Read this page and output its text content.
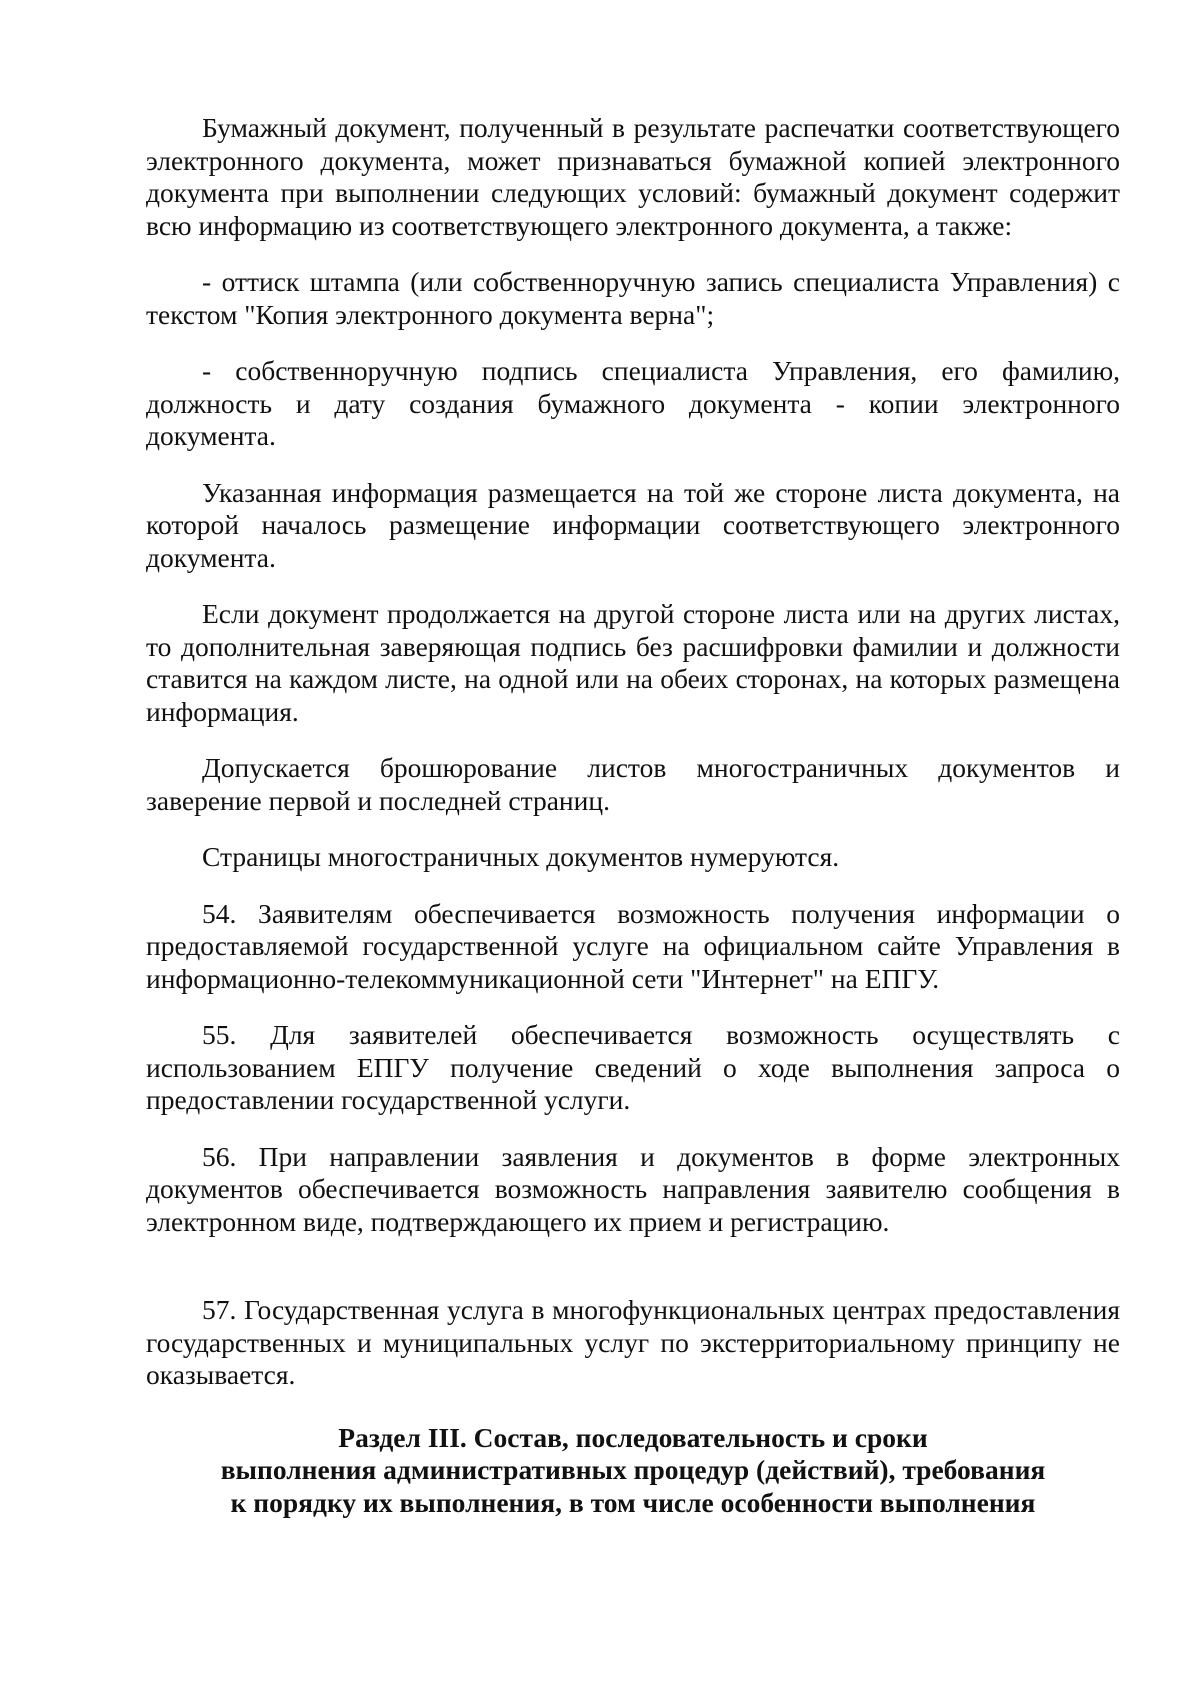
Бумажный документ, полученный в результате распечатки соответствующего электронного документа, может признаваться бумажной копией электронного документа при выполнении следующих условий: бумажный документ содержит всю информацию из соответствующего электронного документа, а также:

- оттиск штампа (или собственноручную запись специалиста Управления) с текстом "Копия электронного документа верна";

- собственноручную подпись специалиста Управления, его фамилию, должность и дату создания бумажного документа - копии электронного документа.

Указанная информация размещается на той же стороне листа документа, на которой началось размещение информации соответствующего электронного документа.

Если документ продолжается на другой стороне листа или на других листах, то дополнительная заверяющая подпись без расшифровки фамилии и должности ставится на каждом листе, на одной или на обеих сторонах, на которых размещена информация.

Допускается брошюрование листов многостраничных документов и заверение первой и последней страниц.

Страницы многостраничных документов нумеруются.

54. Заявителям обеспечивается возможность получения информации о предоставляемой государственной услуге на официальном сайте Управления в информационно-телекоммуникационной сети "Интернет" на ЕПГУ.

55. Для заявителей обеспечивается возможность осуществлять с использованием ЕПГУ получение сведений о ходе выполнения запроса о предоставлении государственной услуги.

56. При направлении заявления и документов в форме электронных документов обеспечивается возможность направления заявителю сообщения в электронном виде, подтверждающего их прием и регистрацию.

57. Государственная услуга в многофункциональных центрах предоставления государственных и муниципальных услуг по экстерриториальному принципу не оказывается.

Раздел III. Состав, последовательность и сроки
выполнения административных процедур (действий), требования
к порядку их выполнения, в том числе особенности выполнения
